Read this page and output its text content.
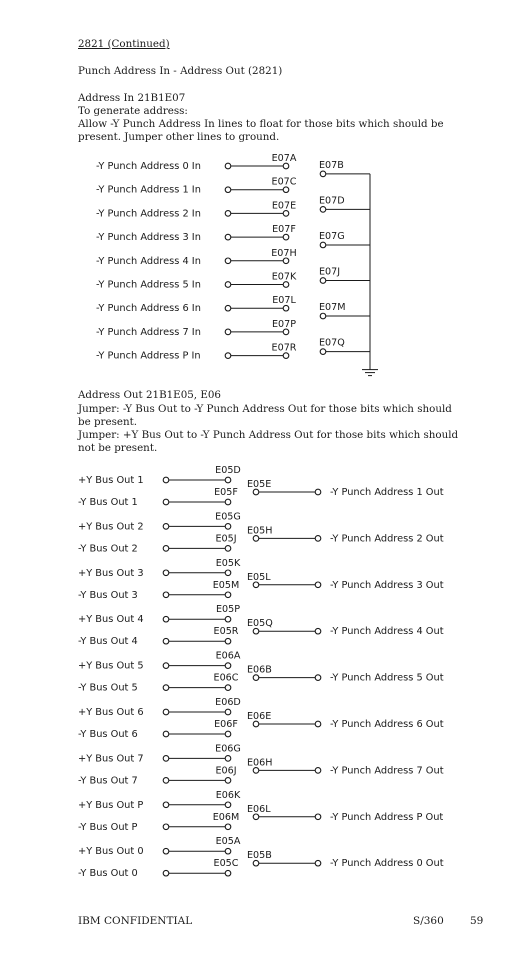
2821 (Continued)
Punch Address In - Address Out (2821)
Address In 21B1E07
To generate address:
Allow -Y Punch Address In lines to float for those bits which should be
present. Jumper other lines to ground.
Address Out 21B1E05, E06
Jumper: -Y Bus Out to -Y Punch Address Out for those bits which should
be present.
Jumper: +Y Bus Out to -Y Punch Address Out for those bits which should
not be present.
-Y Punch Address 0 In
E07A
-Y Punch Address 1 In
E07C
-Y Punch Address 2 In
E07E
-Y Punch Address 3 In
E07F
-Y Punch Address 4 In
E07H
-Y Punch Address 5 In
E07K
-Y Punch Address 6 In
E07L
-Y Punch Address 7 In
E07P
-Y Punch Address P In
E07R
E07B
E07D
E07G
E07J
E07M
E07Q
+Y Bus Out 1
-Y Bus Out 1
E05D
E05F
E05E
-Y Punch Address 1 Out
+Y Bus Out 2
-Y Bus Out 2
E05G
E05J
E05H
-Y Punch Address 2 Out
+Y Bus Out 3
-Y Bus Out 3
E05K
E05M
E05L
-Y Punch Address 3 Out
+Y Bus Out 4
-Y Bus Out 4
E05P
E05R
E05Q
-Y Punch Address 4 Out
+Y Bus Out 5
-Y Bus Out 5
E06A
E06C
E06B
-Y Punch Address 5 Out
+Y Bus Out 6
-Y Bus Out 6
E06D
E06F
E06E
-Y Punch Address 6 Out
+Y Bus Out 7
-Y Bus Out 7
E06G
E06J
E06H
-Y Punch Address 7 Out
+Y Bus Out P
-Y Bus Out P
E06K
E06M
E06L
-Y Punch Address P Out
+Y Bus Out 0
-Y Bus Out 0
E05A
E05C
E05B
-Y Punch Address 0 Out
IBM CONFIDENTIAL	S/360 59
